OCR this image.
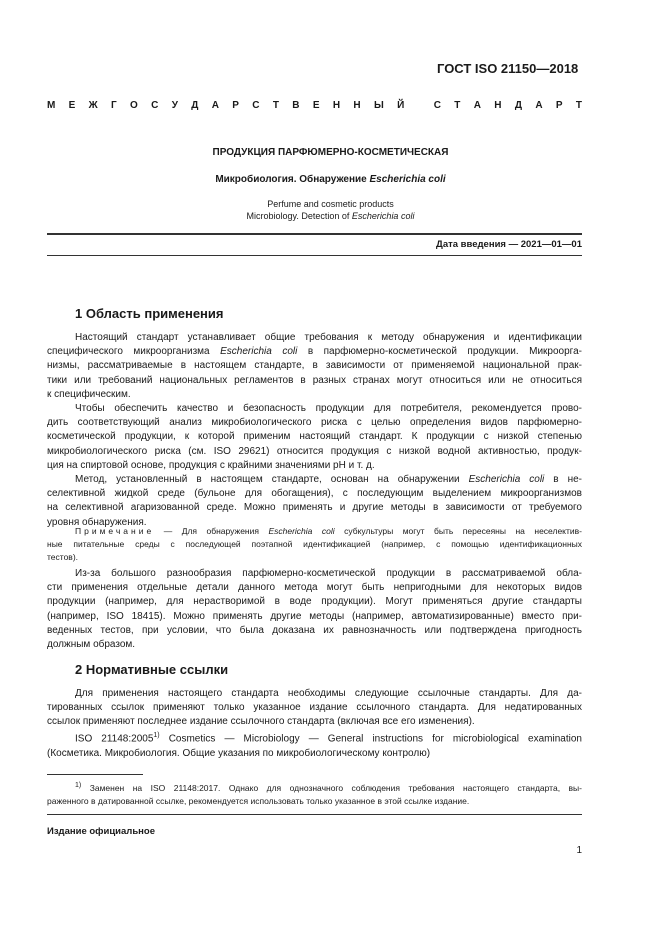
ГОСТ ISO 21150—2018
М Е Ж Г О С У Д А Р С Т В Е Н Н Ы Й
	С Т А Н Д А Р Т
ПРОДУКЦИЯ ПАРФЮМЕРНО-КОСМЕТИЧЕСКАЯ
Микробиология. Обнаружение Escherichia coli
Perfume and cosmetic products
Microbiology. Detection of Escherichia coli
Дата введения — 2021—01—01
1 Область применения
Настоящий стандарт устанавливает общие требования к методу обнаружения и идентификации
специфического микроорганизма Escherichia coli в парфюмерно-косметической продукции. Микроорга-
низмы, рассматриваемые в настоящем стандарте, в зависимости от применяемой национальной прак-
тики или требований национальных регламентов в разных странах могут относиться или не относиться
к специфическим.
Чтобы обеспечить качество и безопасность продукции для потребителя, рекомендуется прово-
дить соответствующий анализ микробиологического риска с целью определения видов парфюмерно-
косметической продукции, к которой применим настоящий стандарт. К продукции с низкой степенью
микробиологического риска (см. ISO 29621) относится продукция с низкой водной активностью, продук-
ция на спиртовой основе, продукция с крайними значениями pH и т. д.
Метод, установленный в настоящем стандарте, основан на обнаружении Escherichia coli в не-
селективной жидкой среде (бульоне для обогащения), с последующим выделением микроорганизмов
на селективной агаризованной среде. Можно применять и другие методы в зависимости от требуемого
уровня обнаружения.
Примечание — Для обнаружения Escherichia coli субкультуры могут быть пересеяны на неселектив-
ные питательные среды с последующей поэтапной идентификацией (например, с помощью идентификационных
тестов).
Из-за большого разнообразия парфюмерно-косметической продукции в рассматриваемой обла-
сти применения отдельные детали данного метода могут быть непригодными для некоторых видов
продукции (например, для нерастворимой в воде продукции). Могут применяться другие стандарты
(например, ISO 18415). Можно применять другие методы (например, автоматизированные) вместо при-
веденных тестов, при условии, что была доказана их равнозначность или подтверждена пригодность
должным образом.
2 Нормативные ссылки
Для применения настоящего стандарта необходимы следующие ссылочные стандарты. Для да-
тированных ссылок применяют только указанное издание ссылочного стандарта. Для недатированных
ссылок применяют последнее издание ссылочного стандарта (включая все его изменения).
ISO 21148:2005$^{1)}$ Cosmetics — Microbiology — General instructions for microbiological examination
(Косметика. Микробиология. Общие указания по микробиологическому контролю)
$^{1)}$ Заменен на ISO 21148:2017. Однако для однозначного соблюдения требования настоящего стандарта, вы-
раженного в датированной ссылке, рекомендуется использовать только указанное в этой ссылке издание.
Издание официальное
1
